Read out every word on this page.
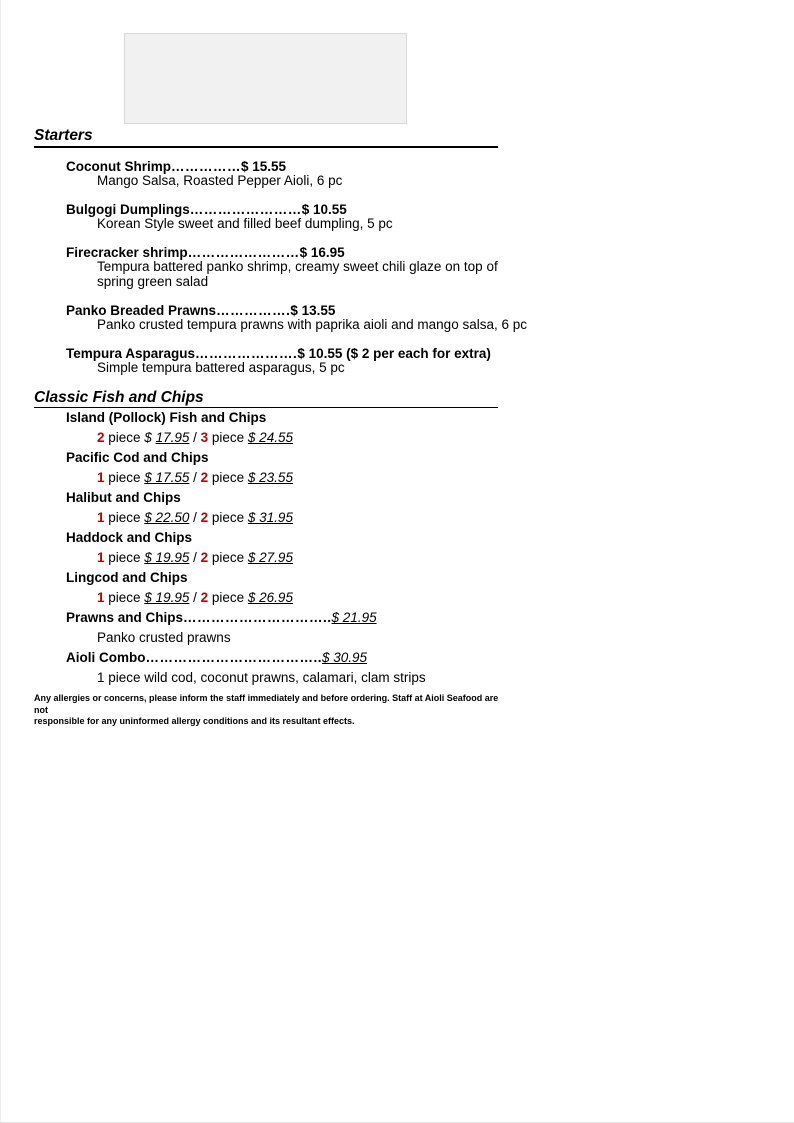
Starters
Coconut Shrimp……………$ 15.55
Mango Salsa, Roasted Pepper Aioli, 6 pc
Bulgogi Dumplings……………………$ 10.55
Korean Style sweet and filled beef dumpling, 5 pc
Firecracker shrimp……………………$ 16.95
Tempura battered panko shrimp, creamy sweet chili glaze on top of
spring green salad
Panko Breaded Prawns…………….$ 13.55
Panko crusted tempura prawns with paprika aioli and mango salsa, 6 pc
Tempura Asparagus………………….$ 10.55 ($ 2 per each for extra)
Simple tempura battered asparagus, 5 pc
Classic Fish and Chips
Island (Pollock) Fish and Chips
2 piece $ 17.95 / 3 piece $ 24.55
Pacific Cod and Chips
1 piece $ 17.55 / 2 piece $ 23.55
Halibut and Chips
1 piece $ 22.50 / 2 piece $ 31.95
Haddock and Chips
1 piece $ 19.95 / 2 piece $ 27.95
Lingcod and Chips
1 piece $ 19.95 / 2 piece $ 26.95
Prawns and Chips…………………………..$ 21.95
Panko crusted prawns
Aioli Combo………………………………..$ 30.95
1 piece wild cod, coconut prawns, calamari, clam strips
Any allergies or concerns, please inform the staff immediately and before ordering. Staff at Aioli Seafood are not
responsible for any uninformed allergy conditions and its resultant effects.
